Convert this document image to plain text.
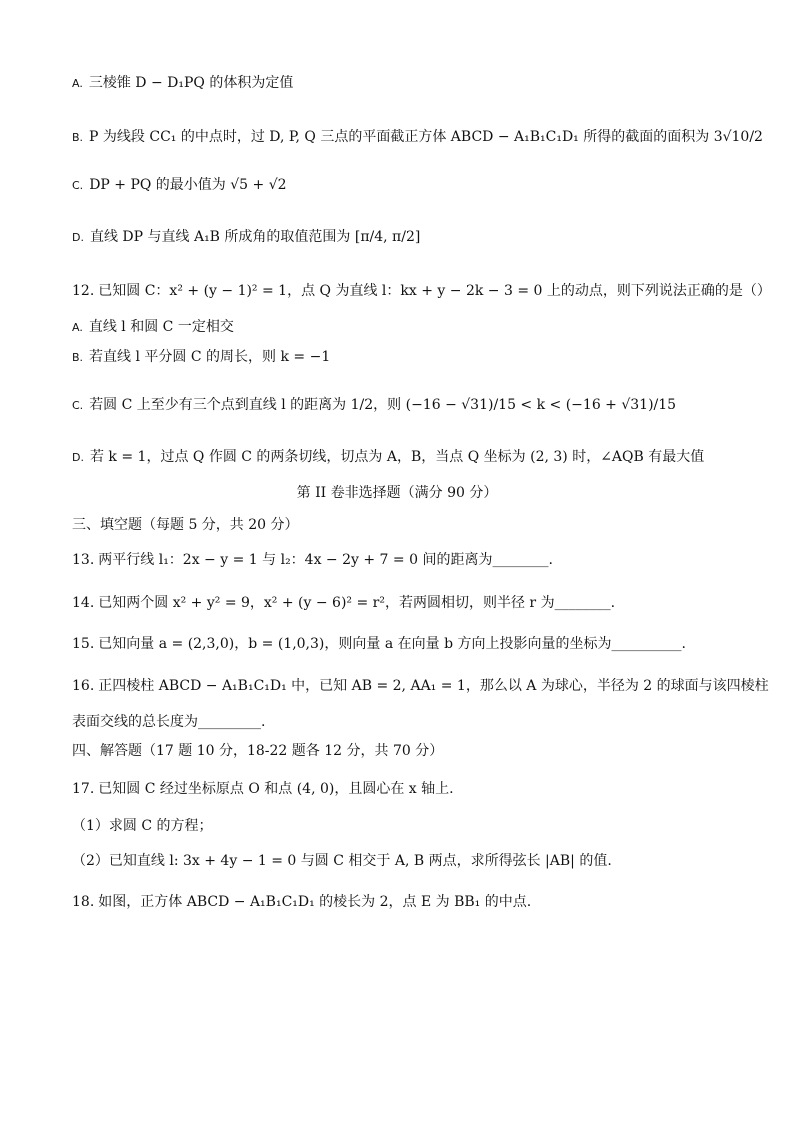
A. 三棱锥 D − D₁PQ 的体积为定值
B. P 为线段 CC₁ 的中点时，过 D, P, Q 三点的平面截正方体 ABCD − A₁B₁C₁D₁ 所得的截面的面积为 3√10/2
C. DP + PQ 的最小值为 √5 + √2
D. 直线 DP 与直线 A₁B 所成角的取值范围为 [π/4, π/2]
12. 已知圆 C：x² + (y − 1)² = 1，点 Q 为直线 l：kx + y − 2k − 3 = 0 上的动点，则下列说法正确的是（）
A. 直线 l 和圆 C 一定相交
B. 若直线 l 平分圆 C 的周长，则 k = −1
C. 若圆 C 上至少有三个点到直线 l 的距离为 1/2，则 (−16 − √31)/15 < k < (−16 + √31)/15
D. 若 k = 1，过点 Q 作圆 C 的两条切线，切点为 A，B，当点 Q 坐标为 (2, 3) 时，∠AQB 有最大值
第 II 卷非选择题（满分 90 分）
三、填空题（每题 5 分，共 20 分）
13. 两平行线 l₁：2x − y = 1 与 l₂：4x − 2y + 7 = 0 间的距离为________.
14. 已知两个圆 x² + y² = 9，x² + (y − 6)² = r²，若两圆相切，则半径 r 为________.
15. 已知向量 a = (2,3,0)，b = (1,0,3)，则向量 a 在向量 b 方向上投影向量的坐标为__________.
16. 正四棱柱 ABCD − A₁B₁C₁D₁ 中，已知 AB = 2, AA₁ = 1，那么以 A 为球心，半径为 2 的球面与该四棱柱
表面交线的总长度为_________.
四、解答题（17 题 10 分，18-22 题各 12 分，共 70 分）
17. 已知圆 C 经过坐标原点 O 和点 (4, 0)，且圆心在 x 轴上.
（1）求圆 C 的方程；
（2）已知直线 l: 3x + 4y − 1 = 0 与圆 C 相交于 A, B 两点，求所得弦长 |AB| 的值.
18. 如图，正方体 ABCD − A₁B₁C₁D₁ 的棱长为 2，点 E 为 BB₁ 的中点.
